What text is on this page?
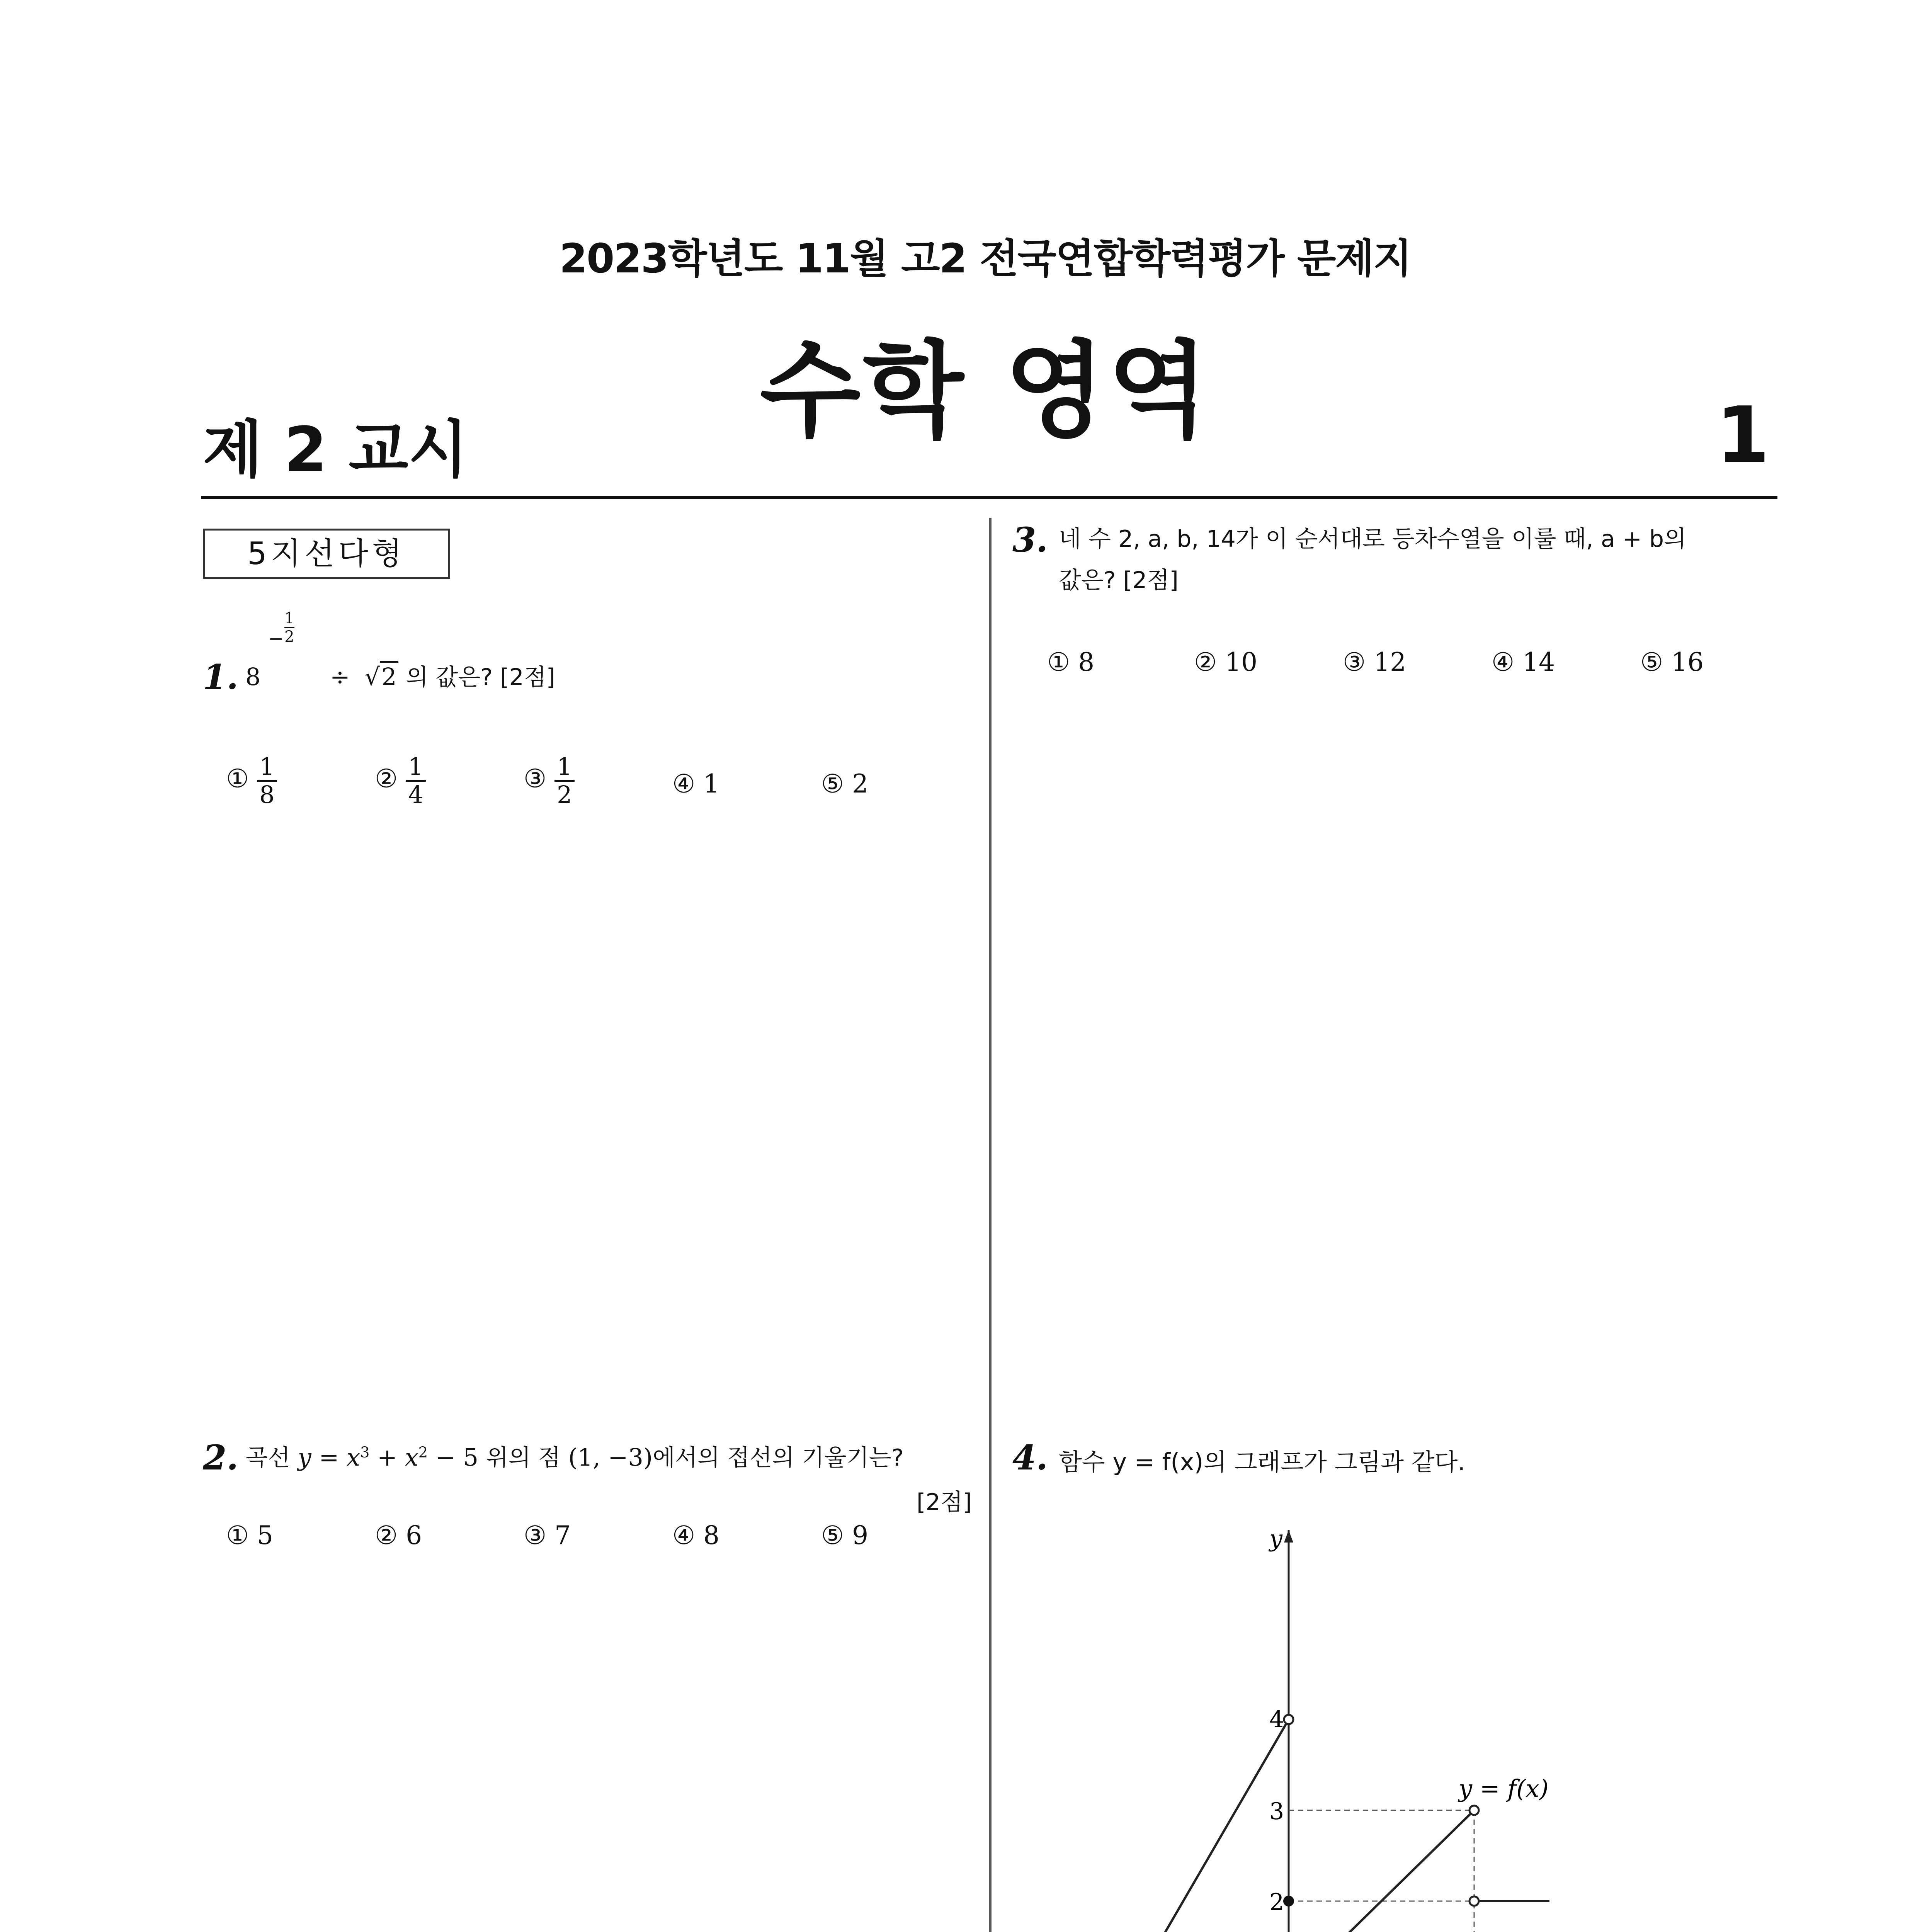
2023학년도 11월 고2 전국연합학력평가 문제지
수학 영역
제 2 교시	1
5지선다형
1. 8
−
1
2
÷ √2 의 값은? [2점]
① $\frac{1}{8}$	② $\frac{1}{4}$	③ $\frac{1}{2}$	④ 1	⑤ 2
2. 곡선 $y = x^3 + x^2 - 5$ 위의 점 (1, −3)에서의 접선의 기울기는?
[2점]
① 5	② 6	③ 7	④ 8	⑤ 9
3. 네 수 2, a, b, 14가 이 순서대로 등차수열을 이룰 때, a + b의
값은? [2점]
① 8	② 10	③ 12	④ 14	⑤ 16
4. 함수 y = f(x)의 그래프가 그림과 같다.
y
2
3
4
y = f(x)
